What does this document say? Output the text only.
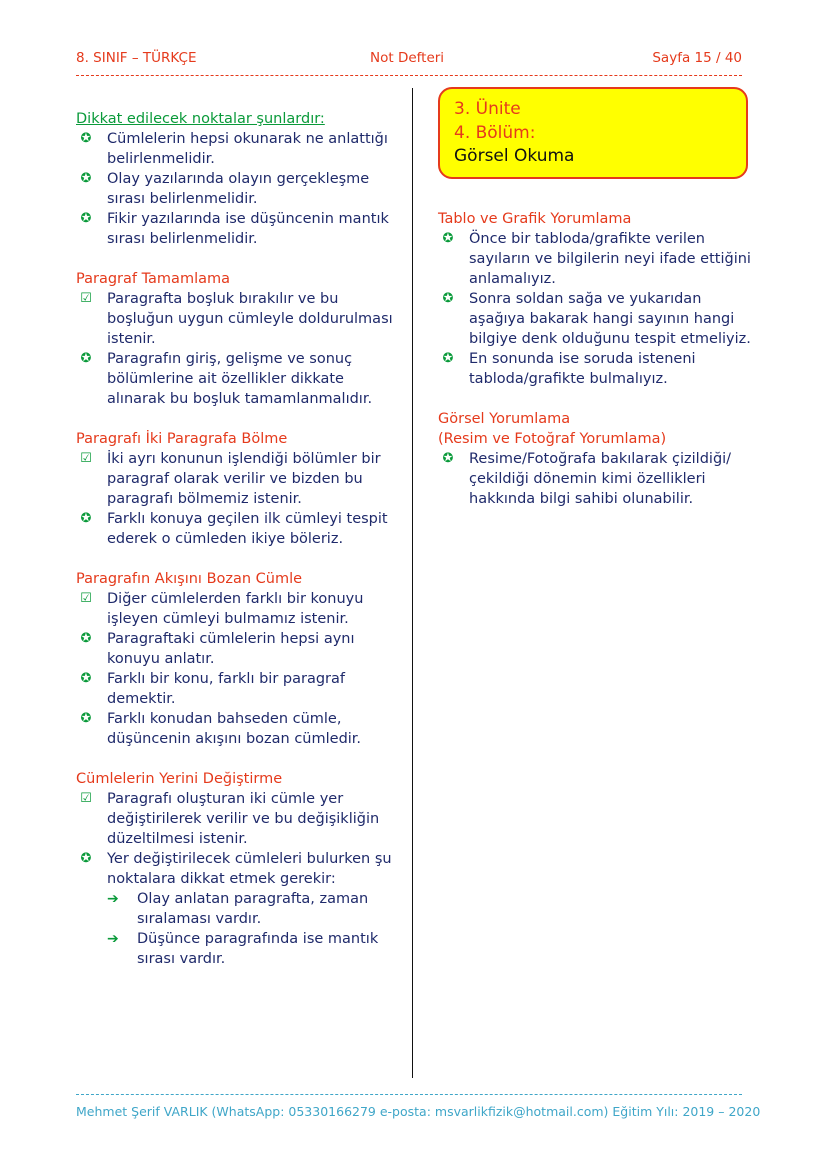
8. SINIF – TÜRKÇE	Not Defteri	Sayfa 15 / 40
3. Ünite
4. Bölüm:
Görsel Okuma
Dikkat edilecek noktalar şunlardır:
✪	Cümlelerin hepsi okunarak ne anlattığı belirlenmelidir.
✪	Olay yazılarında olayın gerçekleşme sırası belirlenmelidir.
✪	Fikir yazılarında ise düşüncenin mantık sırası belirlenmelidir.
Paragraf Tamamlama
☑ Paragrafta boşluk bırakılır ve bu boşluğun uygun cümleyle doldurulması istenir.
✪	Paragrafın giriş, gelişme ve sonuç bölümlerine ait özellikler dikkate alınarak bu boşluk tamamlanmalıdır.
Paragrafı İki Paragrafa Bölme
☑ İki ayrı konunun işlendiği bölümler bir paragraf olarak verilir ve bizden bu paragrafı bölmemiz istenir.
✪	Farklı konuya geçilen ilk cümleyi tespit ederek o cümleden ikiye böleriz.
Paragrafın Akışını Bozan Cümle
☑ Diğer cümlelerden farklı bir konuyu işleyen cümleyi bulmamız istenir.
✪	Paragraftaki cümlelerin hepsi aynı konuyu anlatır.
✪	Farklı bir konu, farklı bir paragraf demektir.
✪	Farklı konudan bahseden cümle, düşüncenin akışını bozan cümledir.
Cümlelerin Yerini Değiştirme
☑ Paragrafı oluşturan iki cümle yer değiştirilerek verilir ve bu değişikliğin düzeltilmesi istenir.
✪	Yer değiştirilecek cümleleri bulurken şu noktalara dikkat etmek gerekir:
➔ Olay anlatan paragrafta, zaman sıralaması vardır.
➔ Düşünce paragrafında ise mantık sırası vardır.
Tablo ve Grafik Yorumlama
✪	Önce bir tabloda/grafikte verilen sayıların ve bilgilerin neyi ifade ettiğini anlamalıyız.
✪	Sonra soldan sağa ve yukarıdan aşağıya bakarak hangi sayının hangi bilgiye denk olduğunu tespit etmeliyiz.
✪	En sonunda ise soruda isteneni tabloda/grafikte bulmalıyız.
Görsel Yorumlama
(Resim ve Fotoğraf Yorumlama)
✪	Resime/Fotoğrafa bakılarak çizildiği/çekildiği dönemin kimi özellikleri hakkında bilgi sahibi olunabilir.
Mehmet Şerif VARLIK (WhatsApp: 05330166279 e-posta: msvarlikfizik@hotmail.com) Eğitim Yılı: 2019 – 2020
